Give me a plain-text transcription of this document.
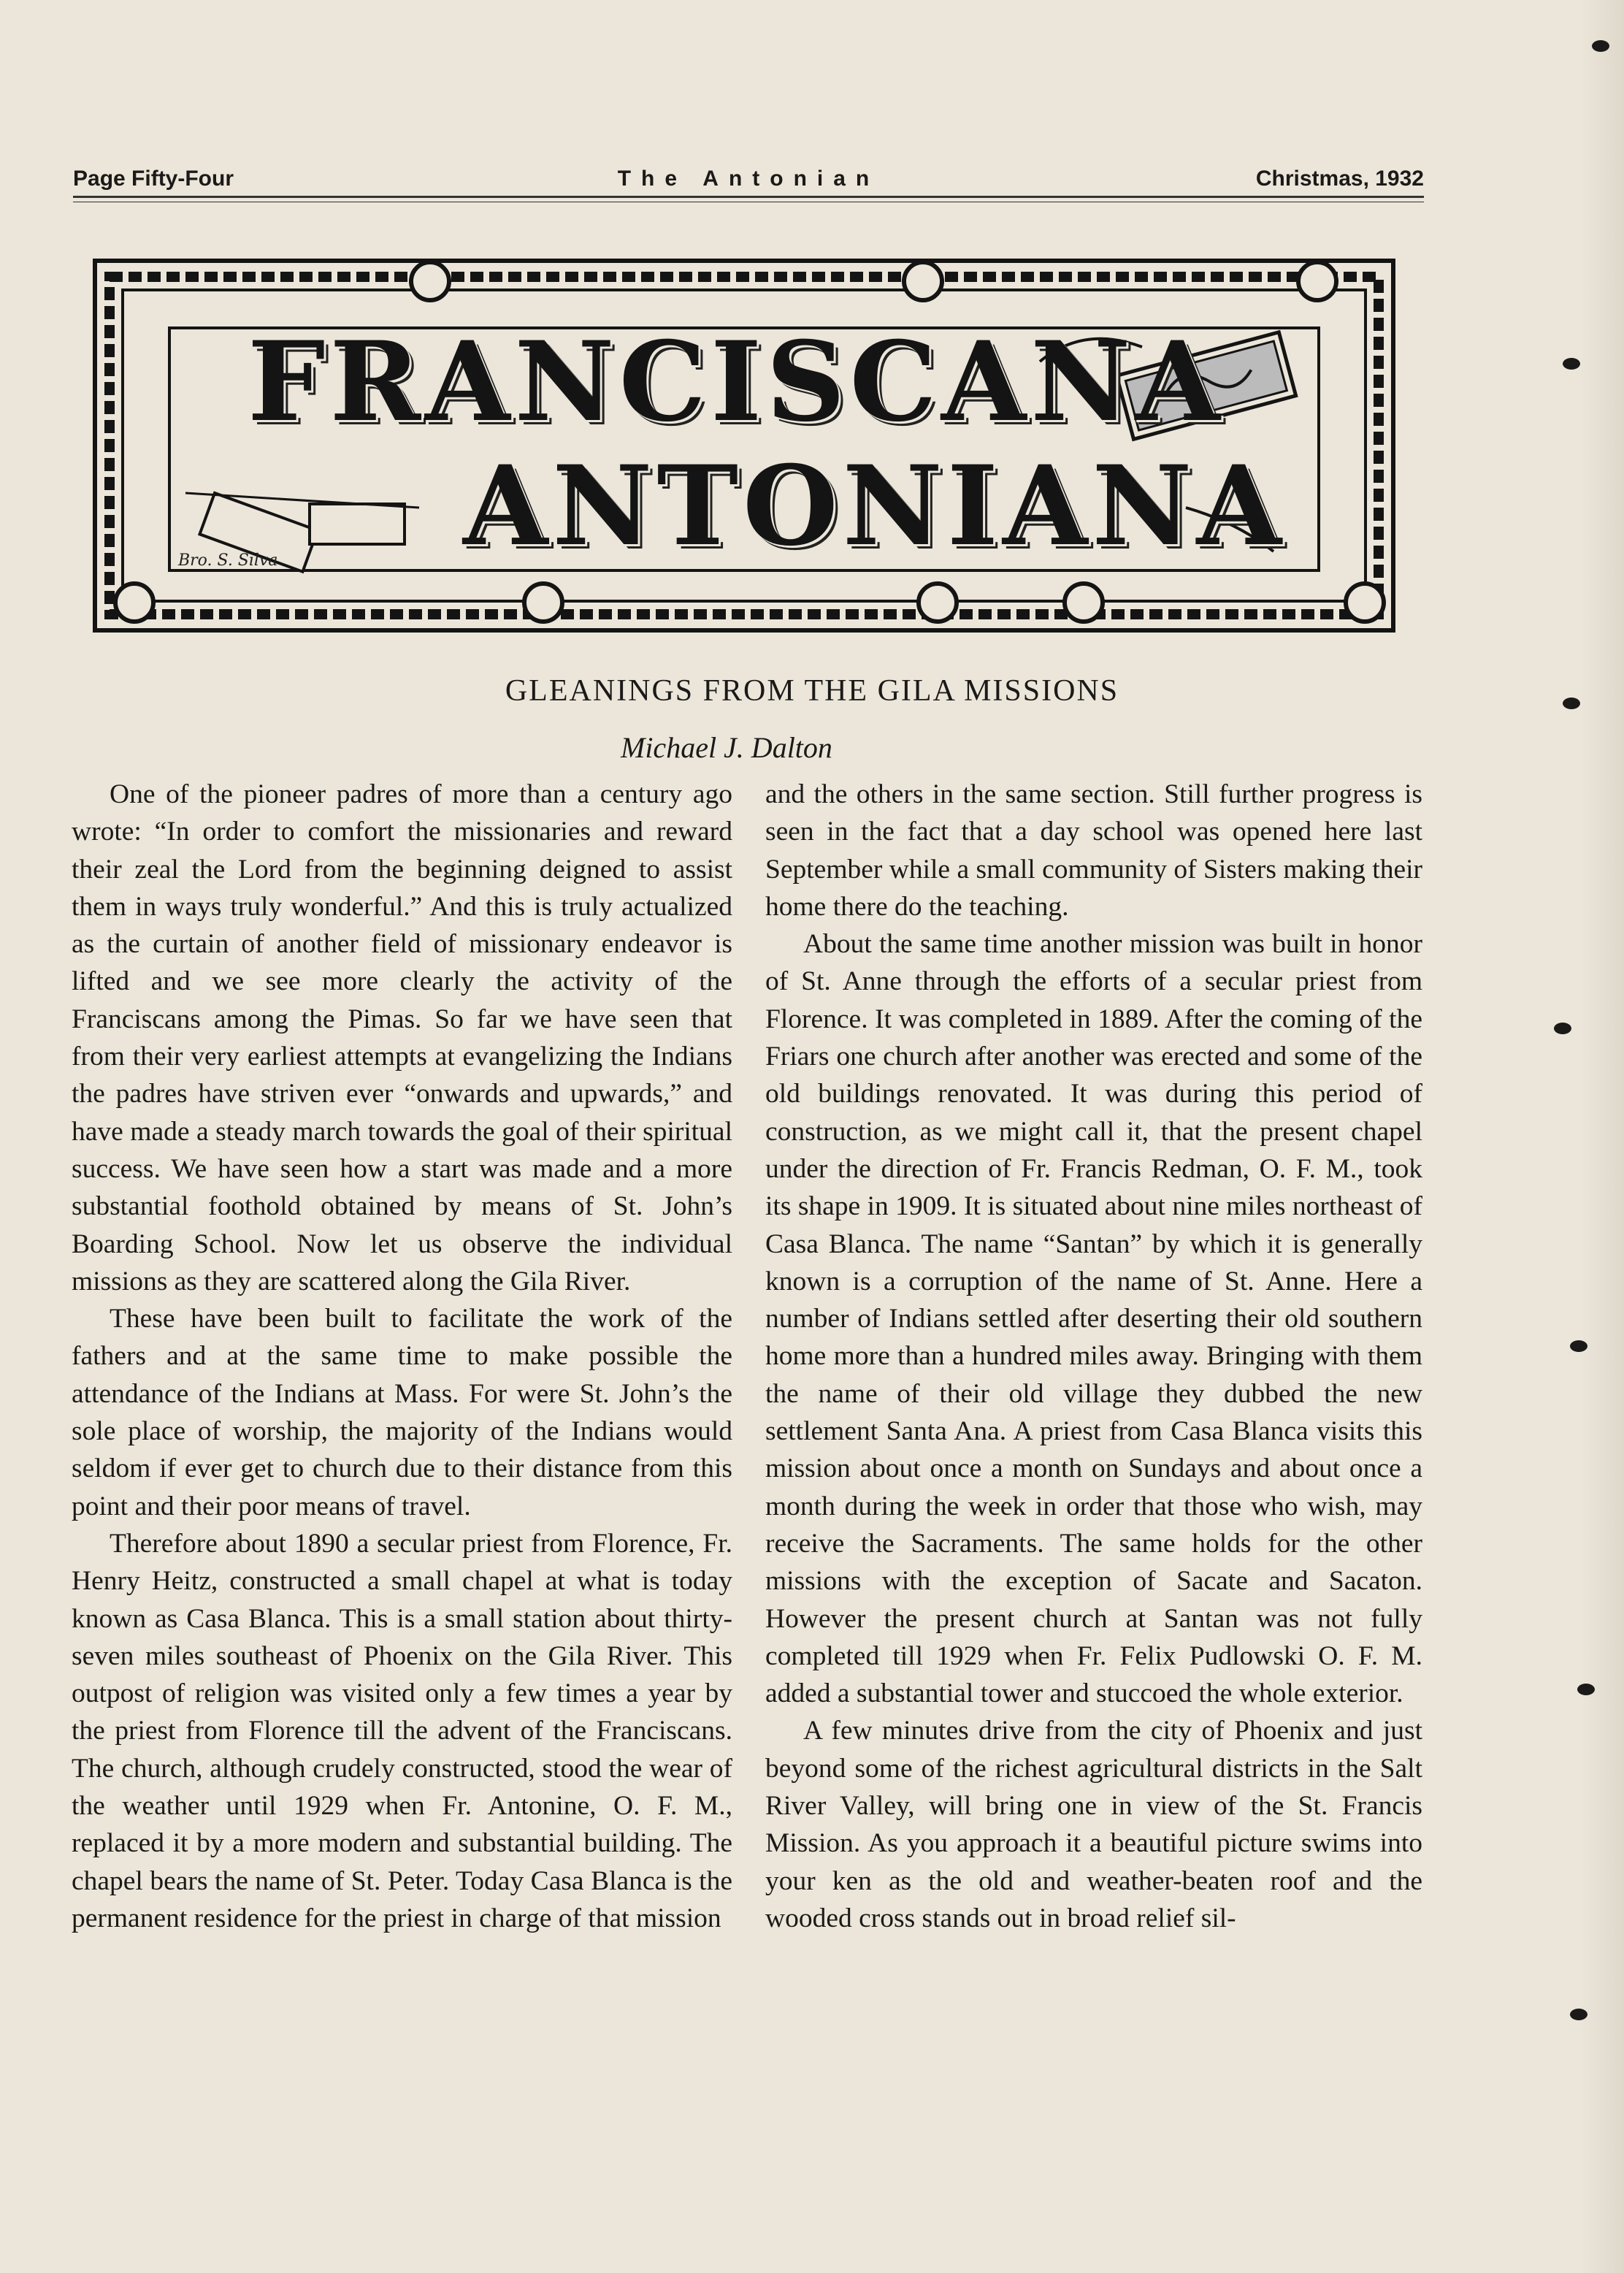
Page Fifty-Four	The Antonian	Christmas, 1932
FRANCISCANA
ANTONIANA
Bro. S. Silva
GLEANINGS FROM THE GILA MISSIONS
Michael J. Dalton

One of the pioneer padres of more than a century ago wrote: “In order to comfort the missionaries and reward their zeal the Lord from the beginning deigned to assist them in ways truly wonderful.” And this is truly actualized as the curtain of another field of missionary endeavor is lifted and we see more clearly the activity of the Franciscans among the Pimas. So far we have seen that from their very earliest attempts at evangelizing the Indians the padres have striven ever “onwards and upwards,” and have made a steady march towards the goal of their spiritual success. We have seen how a start was made and a more substantial foothold obtained by means of St. John’s Boarding School. Now let us observe the individual missions as they are scattered along the Gila River.

These have been built to facilitate the work of the fathers and at the same time to make possible the attendance of the Indians at Mass. For were St. John’s the sole place of worship, the majority of the Indians would seldom if ever get to church due to their distance from this point and their poor means of travel.

Therefore about 1890 a secular priest from Florence, Fr. Henry Heitz, constructed a small chapel at what is today known as Casa Blanca. This is a small station about thirty-seven miles southeast of Phoenix on the Gila River. This outpost of religion was visited only a few times a year by the priest from Florence till the advent of the Franciscans. The church, although crudely constructed, stood the wear of the weather until 1929 when Fr. Antonine, O. F. M., replaced it by a more modern and substantial building. The chapel bears the name of St. Peter. Today Casa Blanca is the permanent residence for the priest in charge of that mission

and the others in the same section. Still further progress is seen in the fact that a day school was opened here last September while a small community of Sisters making their home there do the teaching.

About the same time another mission was built in honor of St. Anne through the efforts of a secular priest from Florence. It was completed in 1889. After the coming of the Friars one church after another was erected and some of the old buildings renovated. It was during this period of construction, as we might call it, that the present chapel under the direction of Fr. Francis Redman, O. F. M., took its shape in 1909. It is situated about nine miles northeast of Casa Blanca. The name “Santan” by which it is generally known is a corruption of the name of St. Anne. Here a number of Indians settled after deserting their old southern home more than a hundred miles away. Bringing with them the name of their old village they dubbed the new settlement Santa Ana. A priest from Casa Blanca visits this mission about once a month on Sundays and about once a month during the week in order that those who wish, may receive the Sacraments. The same holds for the other missions with the exception of Sacate and Sacaton. However the present church at Santan was not fully completed till 1929 when Fr. Felix Pudlowski O. F. M. added a substantial tower and stuccoed the whole exterior.

A few minutes drive from the city of Phoenix and just beyond some of the richest agricultural districts in the Salt River Valley, will bring one in view of the St. Francis Mission. As you approach it a beautiful picture swims into your ken as the old and weather-beaten roof and the wooded cross stands out in broad relief sil-
